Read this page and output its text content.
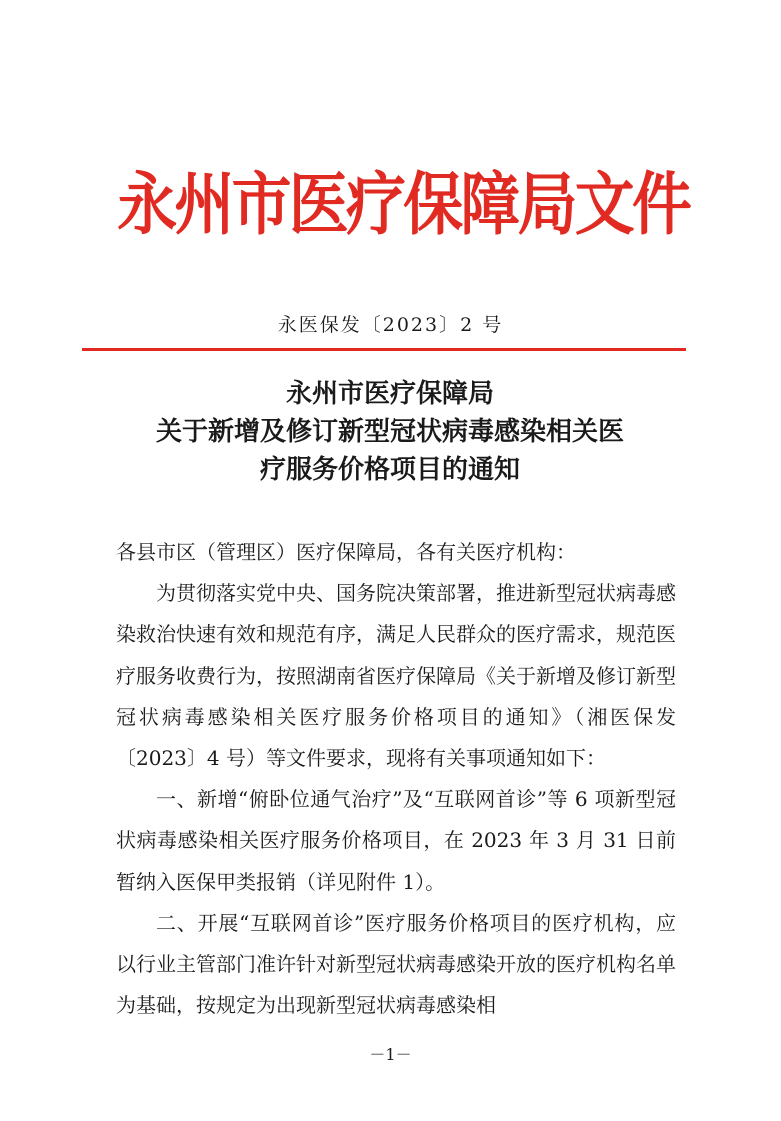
永州市医疗保障局文件
永医保发〔2023〕2 号
永州市医疗保障局
关于新增及修订新型冠状病毒感染相关医
疗服务价格项目的通知

各县市区（管理区）医疗保障局，各有关医疗机构：

为贯彻落实党中央、国务院决策部署，推进新型冠状病毒感染救治快速有效和规范有序，满足人民群众的医疗需求，规范医疗服务收费行为，按照湖南省医疗保障局《关于新增及修订新型冠状病毒感染相关医疗服务价格项目的通知》（湘医保发〔2023〕4 号）等文件要求，现将有关事项通知如下：

一、新增“俯卧位通气治疗”及“互联网首诊”等 6 项新型冠状病毒感染相关医疗服务价格项目，在 2023 年 3 月 31 日前暂纳入医保甲类报销（详见附件 1）。

二、开展“互联网首诊”医疗服务价格项目的医疗机构，应以行业主管部门准许针对新型冠状病毒感染开放的医疗机构名单为基础，按规定为出现新型冠状病毒感染相

－1－
